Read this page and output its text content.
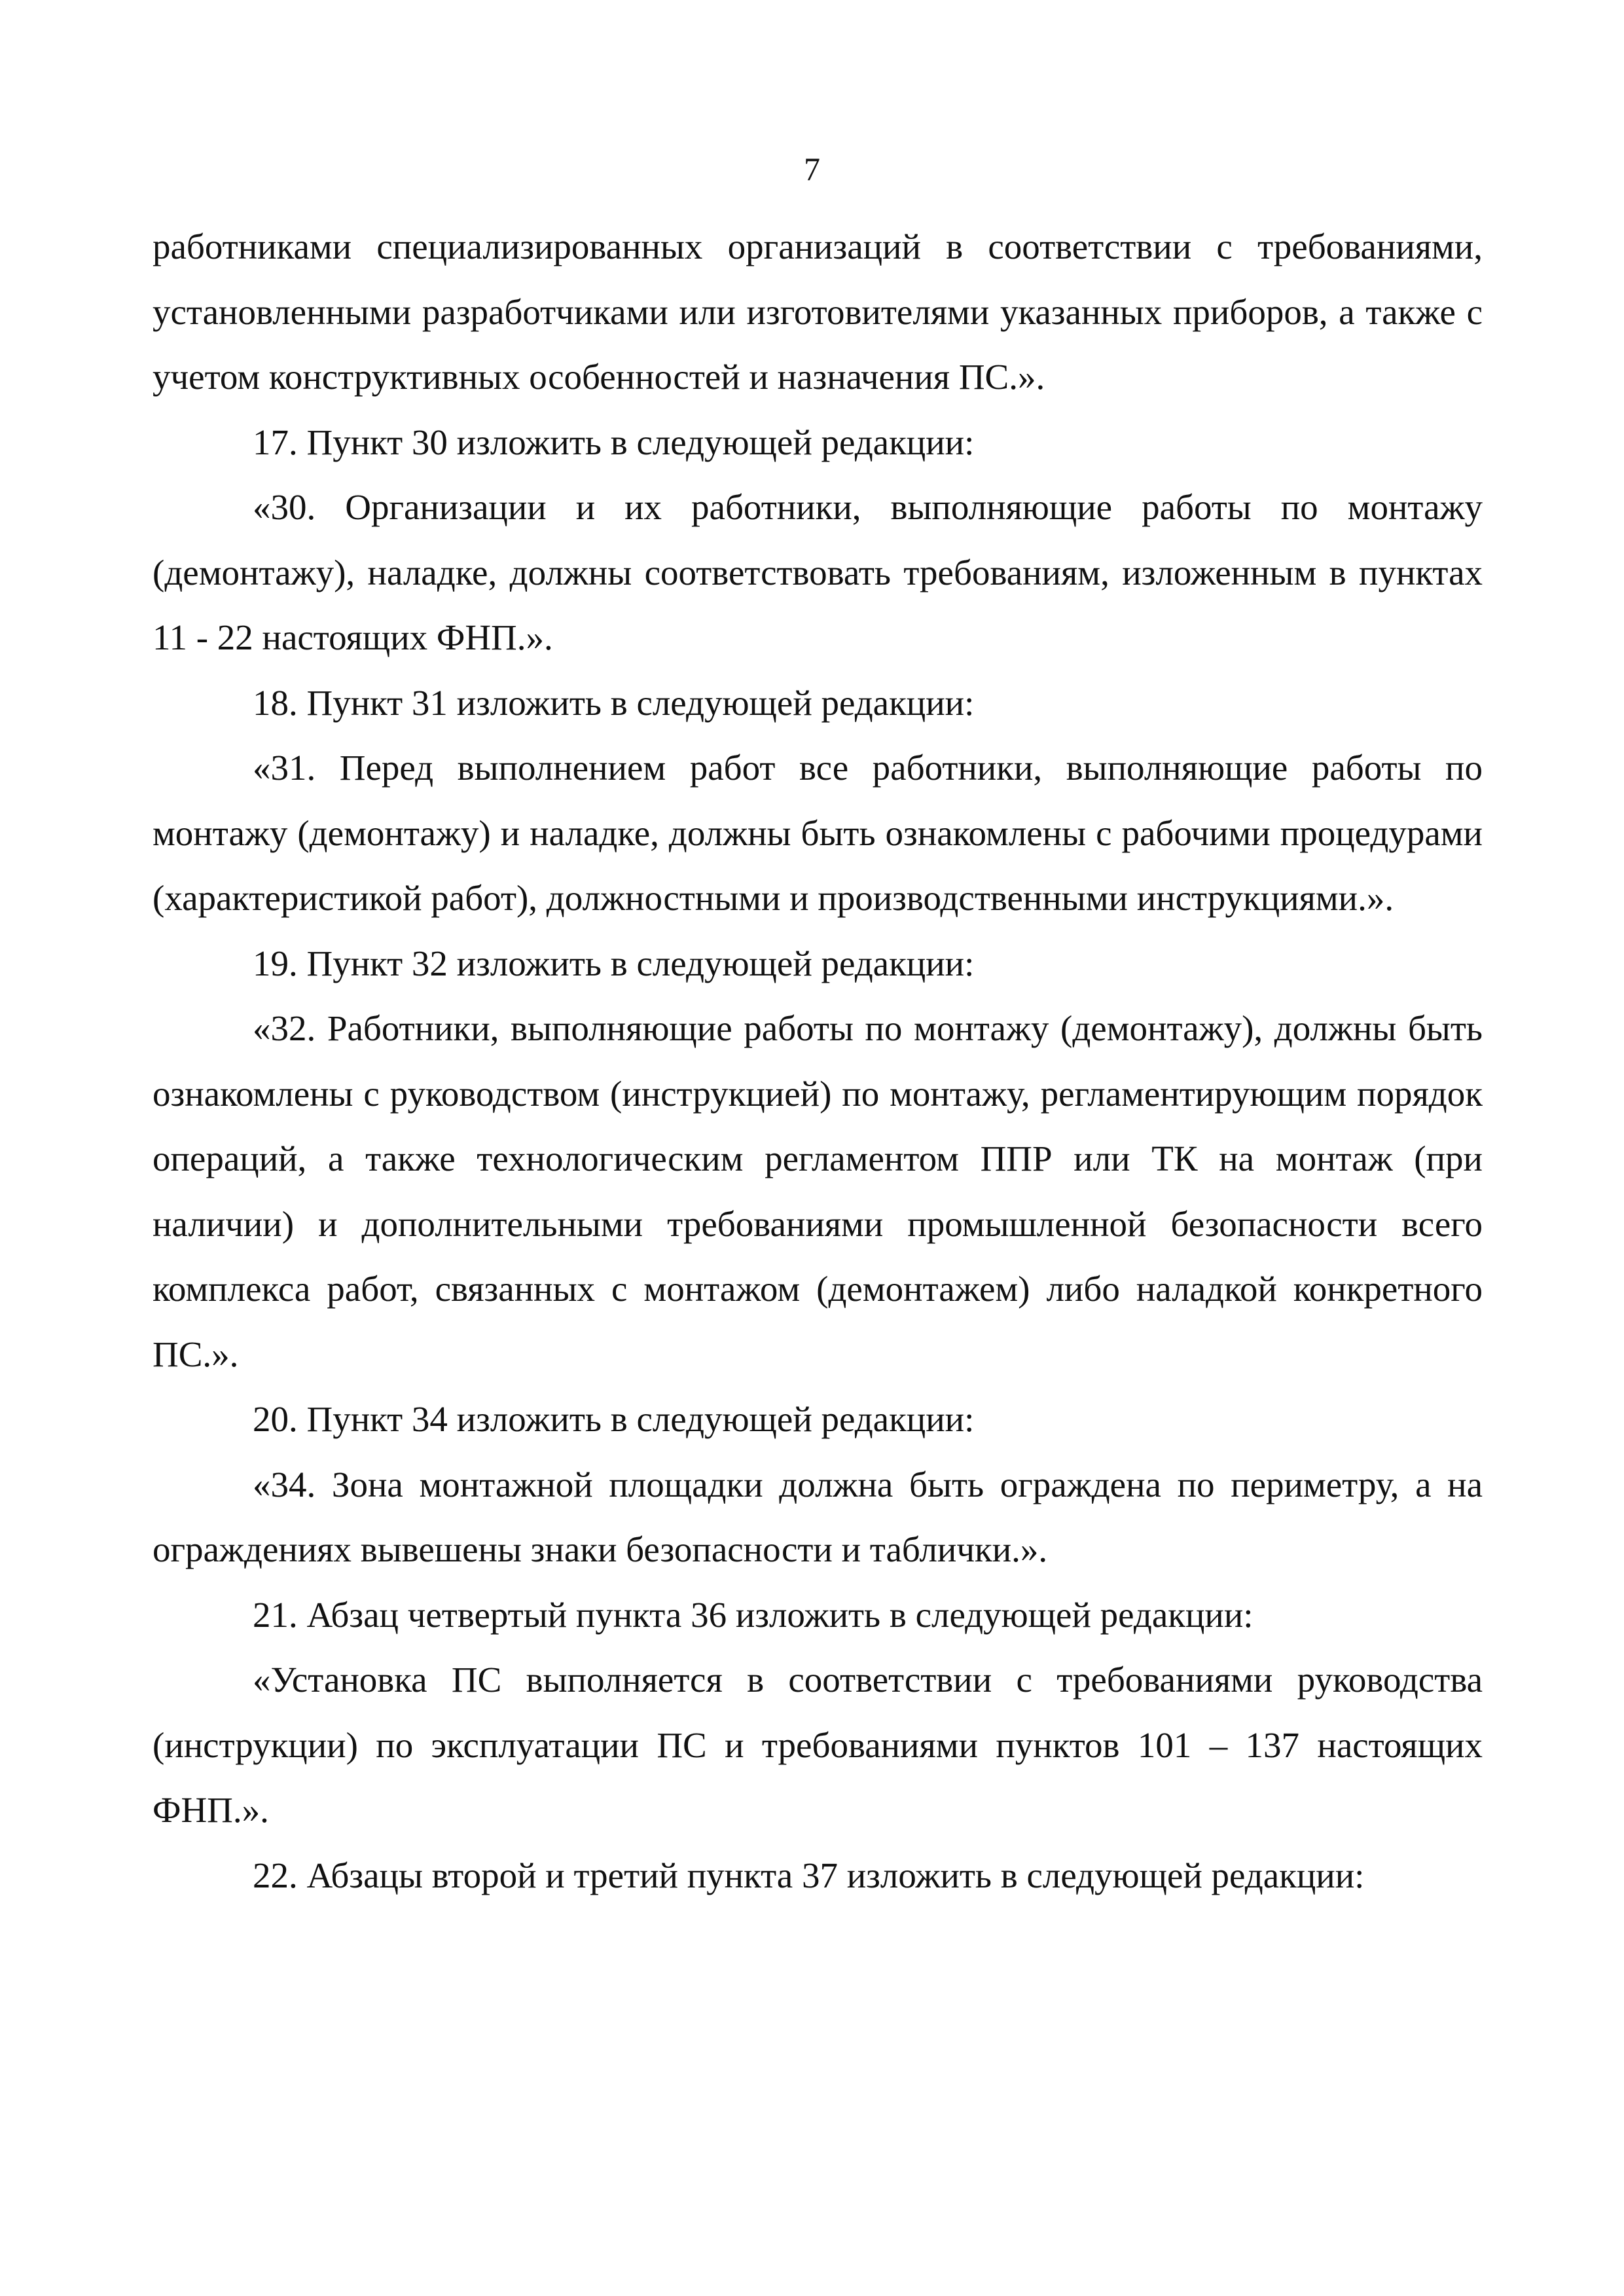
7

работниками специализированных организаций в соответствии с требованиями, установленными разработчиками или изготовителями указанных приборов, а также с учетом конструктивных особенностей и назначения ПС.».

17. Пункт 30 изложить в следующей редакции:

«30. Организации и их работники, выполняющие работы по монтажу (демонтажу), наладке, должны соответствовать требованиям, изложенным в пунктах 11 - 22 настоящих ФНП.».

18. Пункт 31 изложить в следующей редакции:

«31. Перед выполнением работ все работники, выполняющие работы по монтажу (демонтажу) и наладке, должны быть ознакомлены с рабочими процедурами (характеристикой работ), должностными и производственными инструкциями.».

19. Пункт 32 изложить в следующей редакции:

«32. Работники, выполняющие работы по монтажу (демонтажу), должны быть ознакомлены с руководством (инструкцией) по монтажу, регламентирующим порядок операций, а также технологическим регламентом ППР или ТК на монтаж (при наличии) и дополнительными требованиями промышленной безопасности всего комплекса работ, связанных с монтажом (демонтажем) либо наладкой конкретного ПС.».

20. Пункт 34 изложить в следующей редакции:

«34. Зона монтажной площадки должна быть ограждена по периметру, а на ограждениях вывешены знаки безопасности и таблички.».

21. Абзац четвертый пункта 36 изложить в следующей редакции:

«Установка ПС выполняется в соответствии с требованиями руководства (инструкции) по эксплуатации ПС и требованиями пунктов 101 – 137 настоящих ФНП.».

22. Абзацы второй и третий пункта 37 изложить в следующей редакции:
